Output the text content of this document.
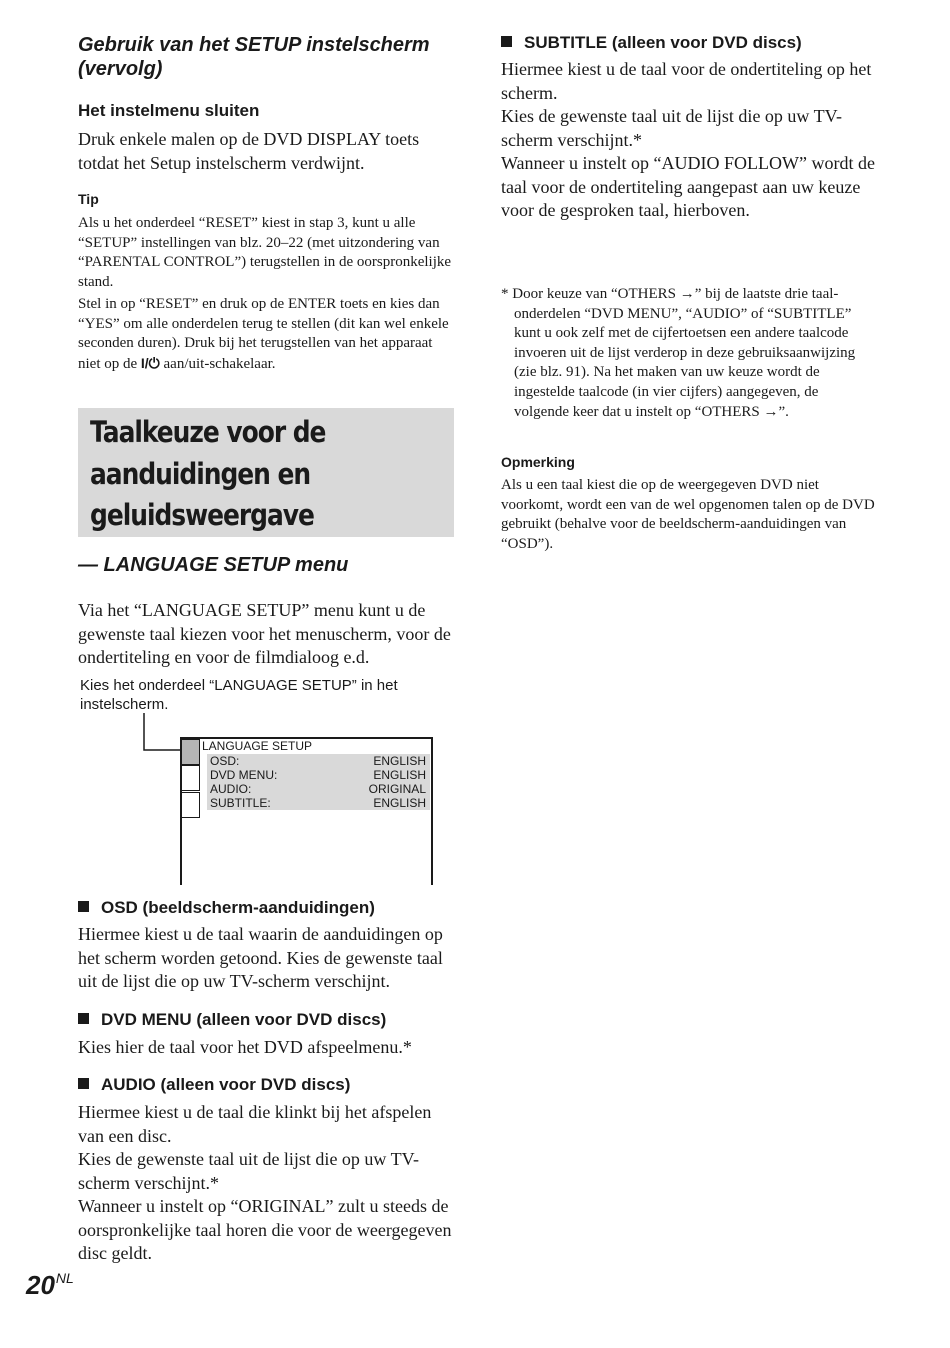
Gebruik van het SETUP instelscherm (vervolg)
Het instelmenu sluiten
Druk enkele malen op de DVD DISPLAY toets totdat het Setup instelscherm verdwijnt.
Tip
Als u het onderdeel “RESET” kiest in stap 3, kunt u alle “SETUP” instellingen van blz. 20–22 (met uitzondering van “PARENTAL CONTROL”) terugstellen in de oorspronkelijke stand.
Stel in op “RESET” en druk op de ENTER toets en kies dan “YES” om alle onderdelen terug te stellen (dit kan wel enkele seconden duren). Druk bij het terugstellen van het apparaat niet op de I/⏻ aan/uit-schakelaar.
Taalkeuze voor de aanduidingen en geluidsweergave
— LANGUAGE SETUP menu
Via het “LANGUAGE SETUP” menu kunt u de gewenste taal kiezen voor het menuscherm, voor de ondertiteling en voor de filmdialoog e.d.
Kies het onderdeel “LANGUAGE SETUP” in het instelscherm.
LANGUAGE SETUP
OSD:	ENGLISH
DVD MENU:	ENGLISH
AUDIO:	ORIGINAL
SUBTITLE:	ENGLISH
OSD (beeldscherm-aanduidingen)
Hiermee kiest u de taal waarin de aanduidingen op het scherm worden getoond. Kies de gewenste taal uit de lijst die op uw TV-scherm verschijnt.
DVD MENU (alleen voor DVD discs)
Kies hier de taal voor het DVD afspeelmenu.*
AUDIO (alleen voor DVD discs)
Hiermee kiest u de taal die klinkt bij het afspelen van een disc.
Kies de gewenste taal uit de lijst die op uw TV-scherm verschijnt.*
Wanneer u instelt op “ORIGINAL” zult u steeds de oorspronkelijke taal horen die voor de weergegeven disc geldt.
$20^{NL}$
SUBTITLE (alleen voor DVD discs)
Hiermee kiest u de taal voor de ondertiteling op het scherm.
Kies de gewenste taal uit de lijst die op uw TV-scherm verschijnt.*
Wanneer u instelt op “AUDIO FOLLOW” wordt de taal voor de ondertiteling aangepast aan uw keuze voor de gesproken taal, hierboven.
* Door keuze van “OTHERS →” bij de laatste drie taal-onderdelen “DVD MENU”, “AUDIO” of “SUBTITLE” kunt u ook zelf met de cijfertoetsen een andere taalcode invoeren uit de lijst verderop in deze gebruiksaanwijzing (zie blz. 91). Na het maken van uw keuze wordt de ingestelde taalcode (in vier cijfers) aangegeven, de volgende keer dat u instelt op “OTHERS →”.
Opmerking
Als u een taal kiest die op de weergegeven DVD niet voorkomt, wordt een van de wel opgenomen talen op de DVD gebruikt (behalve voor de beeldscherm-aanduidingen van “OSD”).
